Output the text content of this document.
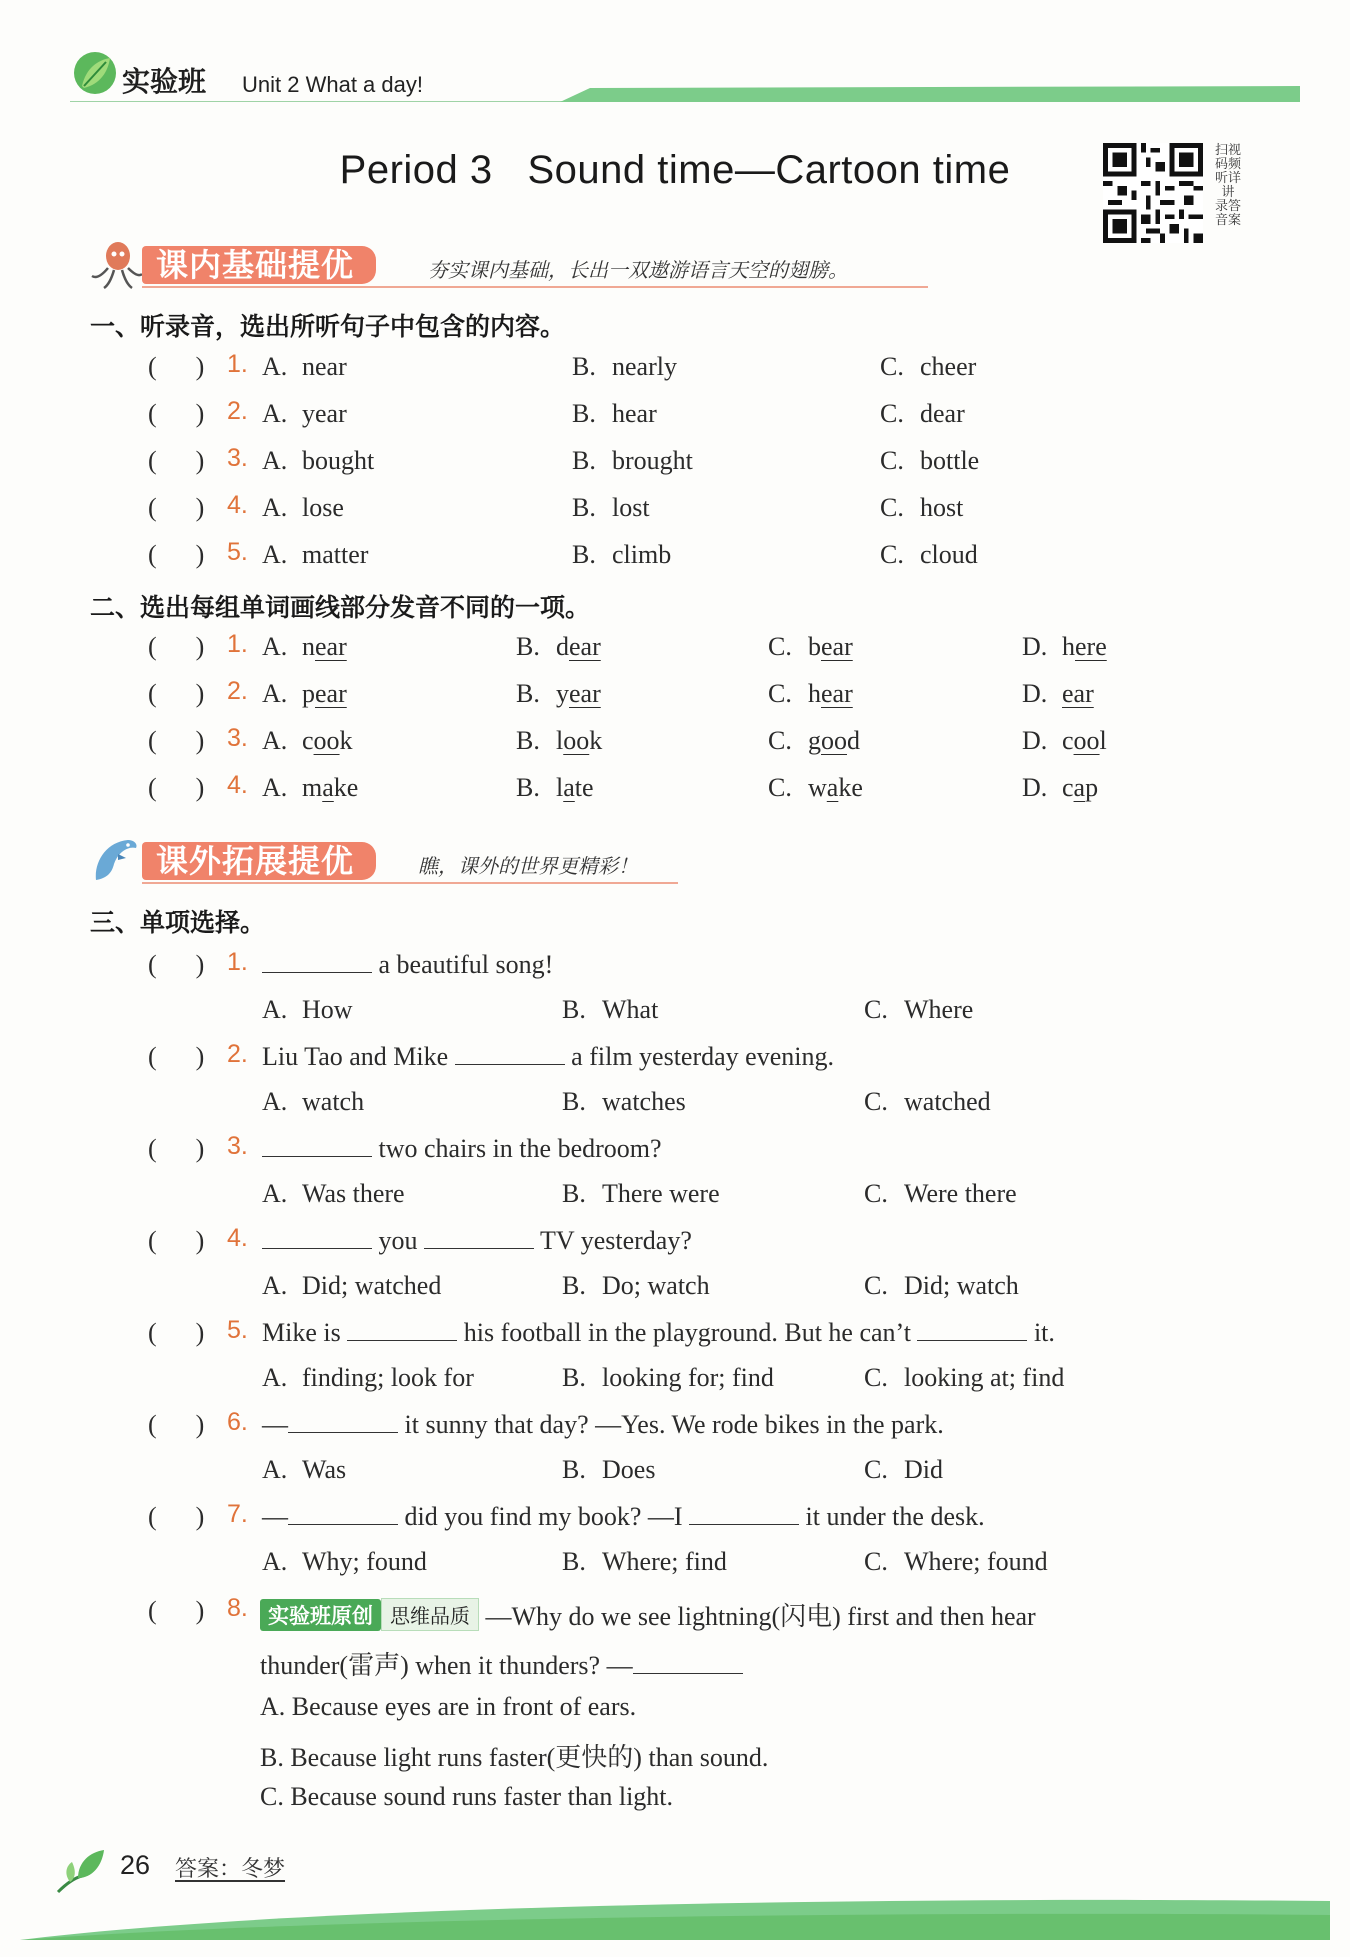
实验班 Unit 2 What a day!
Period 3 Sound time—Cartoon time	扫视
码频
听详
讲
录答
音案
课内基础提优	夯实课内基础，长出一双遨游语言天空的翅膀。
一、听录音，选出所听句子中包含的内容。
(      ) 1. A. near	B. nearly	C. cheer
(      ) 2. A. year	B. hear	C. dear
(      ) 3. A. bought	B. brought	C. bottle
(      ) 4. A. lose	B. lost	C. host
(      ) 5. A. matter	B. climb	C. cloud
二、选出每组单词画线部分发音不同的一项。
(      ) 1. A. near	B. dear	C. bear	D. here
(      ) 2. A. pear	B. year	C. hear	D. ear
(      ) 3. A. cook	B. look	C. good	D. cool
(      ) 4. A. make	B. late	C. wake	D. cap
课外拓展提优	瞧，课外的世界更精彩！
三、单项选择。
(      ) 1.	a beautiful song!
A. How	B. What	C. Where
(      ) 2. Liu Tao and Mike	a film yesterday evening.
A. watch	B. watches	C. watched
(      ) 3.	two chairs in the bedroom?
A. Was there	B. There were	C. Were there
(      ) 4.	you	TV yesterday?
A. Did; watched	B. Do; watch	C. Did; watch
(      ) 5. Mike is	his football in the playground. But he can’t	it.
A. finding; look for	B. looking for; find	C. looking at; find
(      ) 6. —	it sunny that day? —Yes. We rode bikes in the park.
A. Was	B. Does	C. Did
(      ) 7. —	did you find my book? —I	it under the desk.
A. Why; found	B. Where; find	C. Where; found
(      ) 8. 实验班原创 思维品质 —Why do we see lightning(闪电) first and then hear
thunder(雷声) when it thunders? —
A. Because eyes are in front of ears.
B. Because light runs faster(更快的) than sound.
C. Because sound runs faster than light.
26 答案：冬梦
